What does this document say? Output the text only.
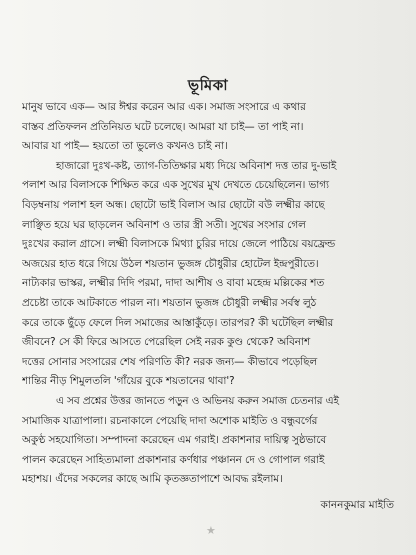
ভূমিকা
মানুষ ভাবে এক— আর ঈশ্বর করেন আর এক। সমাজ সংসারে এ কথার
বাস্তব প্রতিফলন প্রতিনিয়ত ঘটে চলেছে। আমরা যা চাই— তা পাই না।
আবার যা পাই— হয়তো তা ভুলেও কখনও চাই না।
হাজারো দুঃখ-কষ্ট, ত্যাগ-তিতিক্ষার মধ্য দিয়ে অবিনাশ দত্ত তার দু-ভাই
পলাশ আর বিলাসকে শিক্ষিত করে এক সুখের মুখ দেখতে চেয়েছিলেন। ভাগ্য
বিড়ম্বনায় পলাশ হল অন্ধ। ছোটো ভাই বিলাস আর ছোটো বউ লক্ষ্মীর কাছে
লাঞ্ছিত হয়ে ঘর ছাড়লেন অবিনাশ ও তার স্ত্রী সতী। সুখের সংসার গেল
দুঃখের করাল গ্রাসে। লক্ষ্মী বিলাসকে মিথ্যা চুরির দায়ে জেলে পাঠিয়ে বয়ফ্রেন্ড
অজয়ের হাত ধরে গিয়ে উঠল শয়তান ভুজঙ্গ চৌধুরীর হোটেল ইন্দ্রপুরীতে।
নাট্যকার ভাস্কর, লক্ষ্মীর দিদি পরমা, দাদা আশীষ ও বাবা মহেন্দ্র মল্লিকের শত
প্রচেষ্টা তাকে আটকাতে পারল না। শয়তান ভুজঙ্গ চৌধুরী লক্ষ্মীর সর্বস্ব লুঠ
করে তাকে ছুঁড়ে ফেলে দিল সমাজের আস্তাকুঁড়ে। তারপর? কী ঘটেছিল লক্ষ্মীর
জীবনে? সে কী ফিরে আসতে পেরেছিল সেই নরক কুণ্ড থেকে? অবিনাশ
দত্তের সোনার সংসারের শেষ পরিণতি কী? নরক জন্য— কীভাবে পড়েছিল
শান্তির নীড় শিমুলতলি 'গাঁয়ের বুকে শয়তানের থাবা'?
এ সব প্রশ্নের উত্তর জানতে পড়ুন ও অভিনয় করুন সমাজ চেতনার এই
সামাজিক যাত্রাপালা। রচনাকালে পেয়েছি দাদা অশোক মাইতি ও বন্ধুবর্গের
অকুণ্ঠ সহযোগিতা। সম্পাদনা করেছেন এম গরাই। প্রকাশনার দায়িত্ব সুষ্ঠভাবে
পালন করেছেন সাহিত্যমালা প্রকাশনার কর্ণধার পঞ্চানন দে ও গোপাল গরাই
মহাশয়। এঁদের সকলের কাছে আমি কৃতজ্ঞতাপাশে আবদ্ধ রইলাম।
কাননকুমার মাইতি
★
